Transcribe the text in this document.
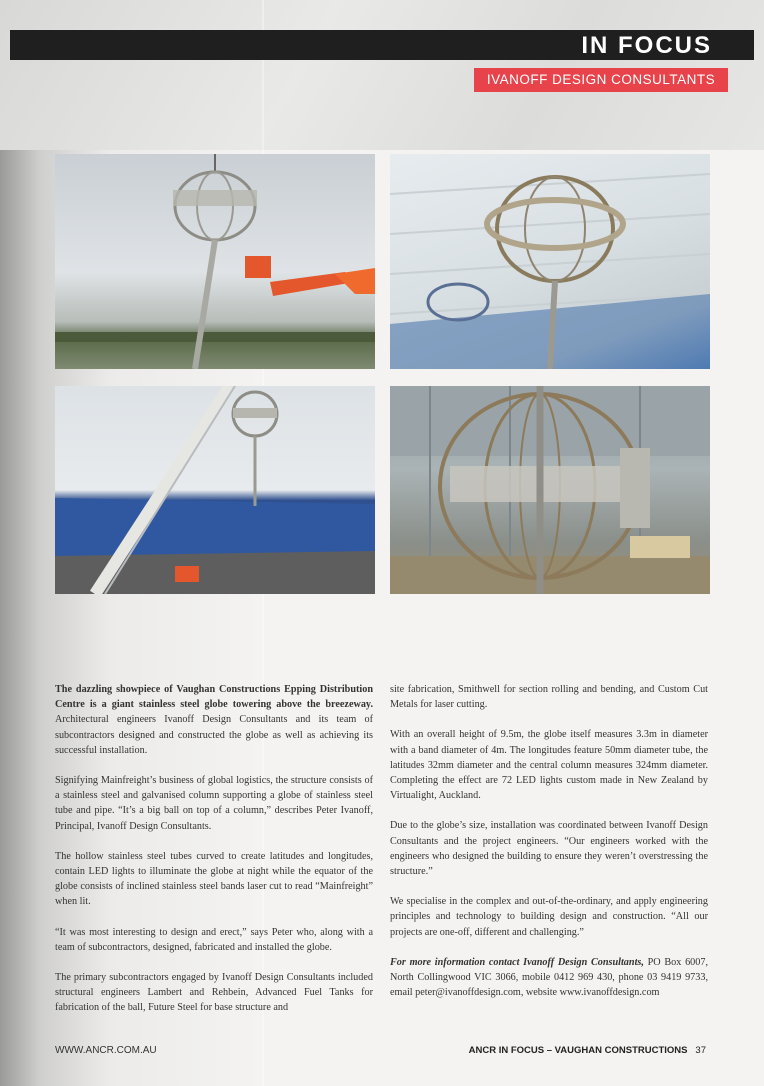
IN FOCUS
IVANOFF DESIGN CONSULTANTS

The dazzling showpiece of Vaughan Constructions Epping Distribution Centre is a giant stainless steel globe towering above the breezeway. Architectural engineers Ivanoff Design Consultants and its team of subcontractors designed and constructed the globe as well as achieving its successful installation.

Signifying Mainfreight’s business of global logistics, the structure consists of a stainless steel and galvanised column supporting a globe of stainless steel tube and pipe. “It’s a big ball on top of a column,” describes Peter Ivanoff, Principal, Ivanoff Design Consultants.

The hollow stainless steel tubes curved to create latitudes and longitudes, contain LED lights to illuminate the globe at night while the equator of the globe consists of inclined stainless steel bands laser cut to read “Mainfreight” when lit.

“It was most interesting to design and erect,” says Peter who, along with a team of subcontractors, designed, fabricated and installed the globe.

The primary subcontractors engaged by Ivanoff Design Consultants included structural engineers Lambert and Rehbein, Advanced Fuel Tanks for fabrication of the ball, Future Steel for base structure and

site fabrication, Smithwell for section rolling and bending, and Custom Cut Metals for laser cutting.

With an overall height of 9.5m, the globe itself measures 3.3m in diameter with a band diameter of 4m. The longitudes feature 50mm diameter tube, the latitudes 32mm diameter and the central column measures 324mm diameter. Completing the effect are 72 LED lights custom made in New Zealand by Virtualight, Auckland.

Due to the globe’s size, installation was coordinated between Ivanoff Design Consultants and the project engineers. “Our engineers worked with the engineers who designed the building to ensure they weren’t overstressing the structure.”

We specialise in the complex and out-of-the-ordinary, and apply engineering principles and technology to building design and construction. “All our projects are one-off, different and challenging.”

For more information contact Ivanoff Design Consultants, PO Box 6007, North Collingwood VIC 3066, mobile 0412 969 430, phone 03 9419 9733, email peter@ivanoffdesign.com, website www.ivanoffdesign.com

WWW.ANCR.COM.AU	ANCR IN FOCUS – VAUGHAN CONSTRUCTIONS 37
